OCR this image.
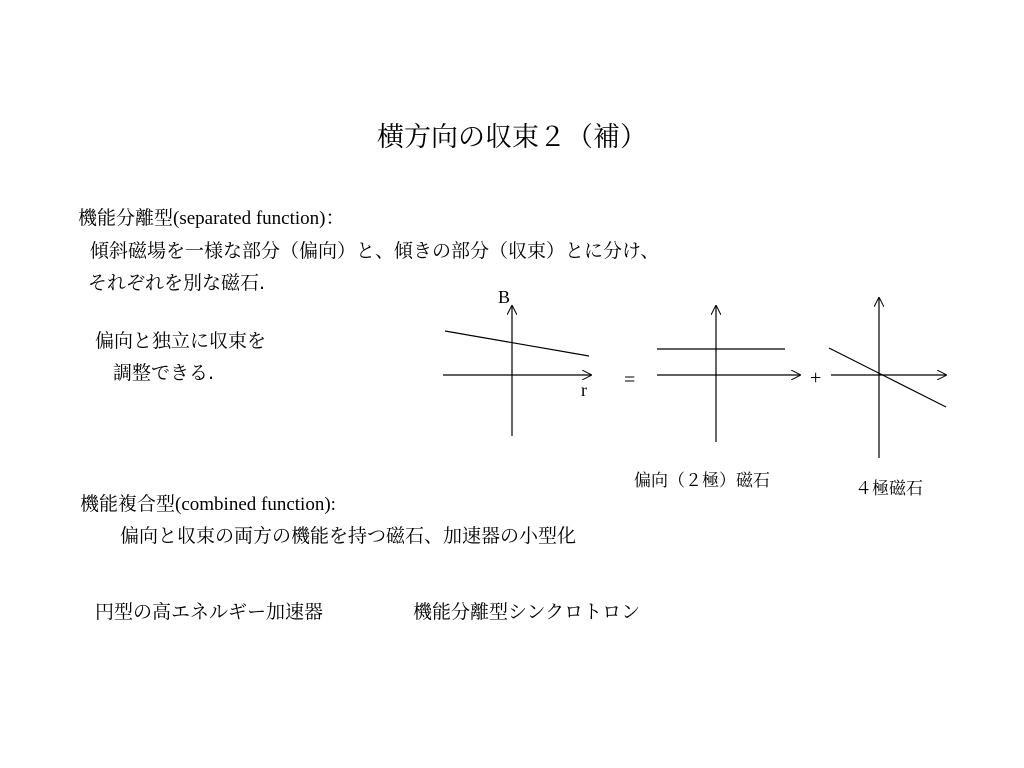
横方向の収束２（補）
機能分離型(separated function)：
傾斜磁場を一様な部分（偏向）と、傾きの部分（収束）とに分け、
それぞれを別な磁石.
偏向と独立に収束を
調整できる.
B
r =	+
偏向（２極）磁石	４極磁石
機能複合型(combined function):
偏向と収束の両方の機能を持つ磁石、加速器の小型化
円型の高エネルギー加速器	機能分離型シンクロトロン
